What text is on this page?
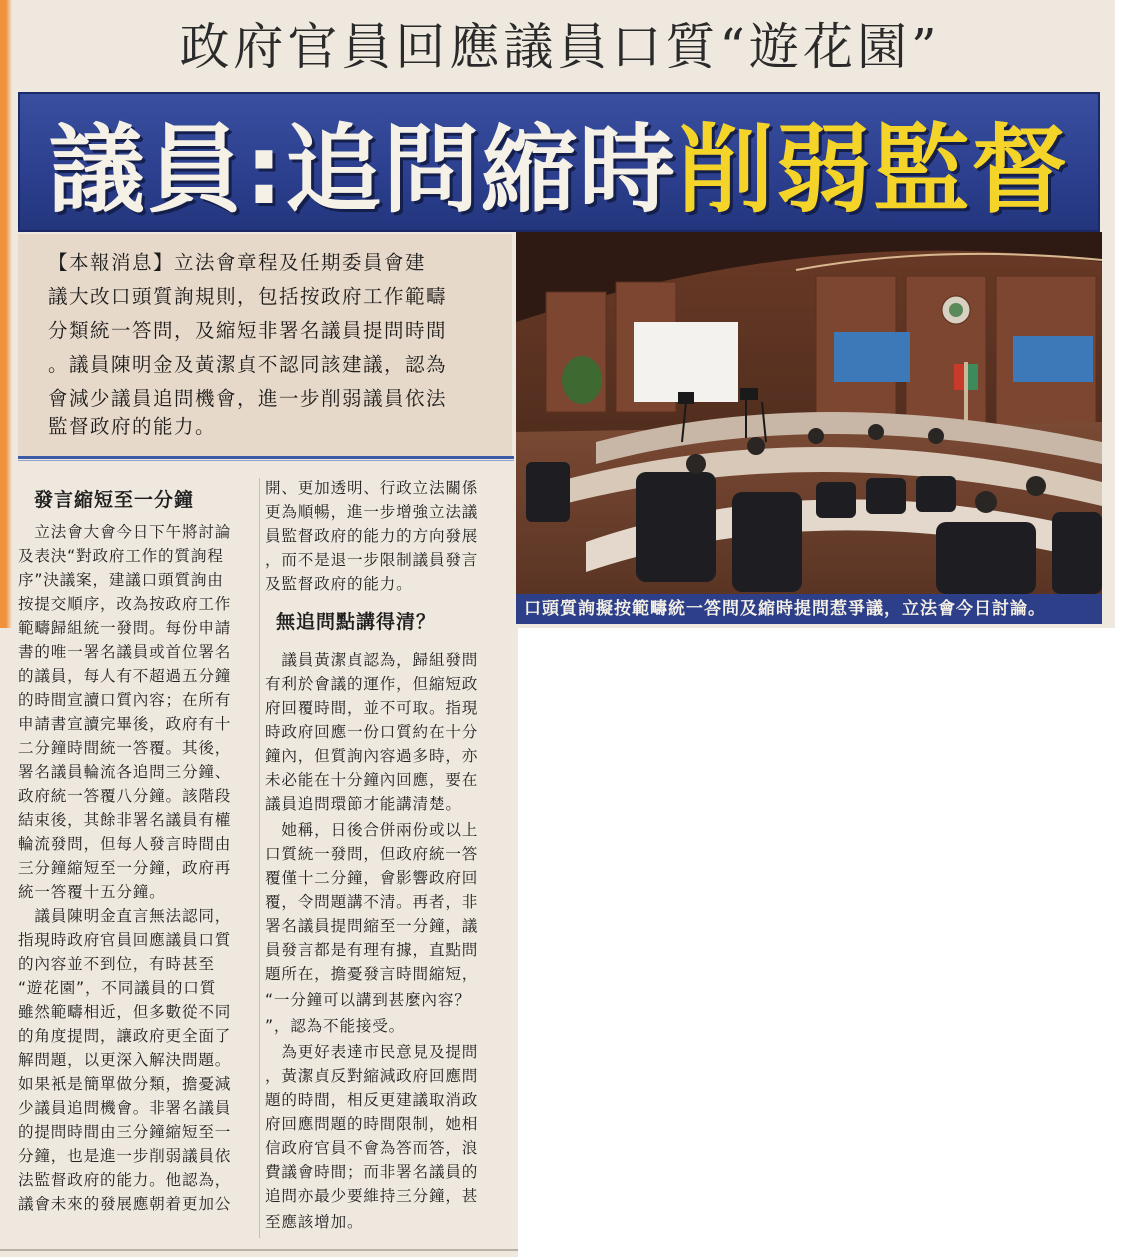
政府官員回應議員口質“遊花園”
議員:追問縮時 削弱監督
【本報消息】立法會章程及任期委員會建
議大改口頭質詢規則，包括按政府工作範疇
分類統一答問，及縮短非署名議員提問時間
。議員陳明金及黃潔貞不認同該建議，認為
會減少議員追問機會，進一步削弱議員依法
監督政府的能力。
口頭質詢擬按範疇統一答問及縮時提問惹爭議，立法會今日討論。
發言縮短至一分鐘
　立法會大會今日下午將討論
及表決“對政府工作的質詢程
序”決議案，建議口頭質詢由
按提交順序，改為按政府工作
範疇歸組統一發問。每份申請
書的唯一署名議員或首位署名
的議員，每人有不超過五分鐘
的時間宣讀口質內容；在所有
申請書宣讀完畢後，政府有十
二分鐘時間統一答覆。其後，
署名議員輪流各追問三分鐘、
政府統一答覆八分鐘。該階段
結束後，其餘非署名議員有權
輪流發問，但每人發言時間由
三分鐘縮短至一分鐘，政府再
統一答覆十五分鐘。
　議員陳明金直言無法認同，
指現時政府官員回應議員口質
的內容並不到位，有時甚至
“遊花園”，不同議員的口質
雖然範疇相近，但多數從不同
的角度提問，讓政府更全面了
解問題，以更深入解決問題。
如果衹是簡單做分類，擔憂減
少議員追問機會。非署名議員
的提問時間由三分鐘縮短至一
分鐘，也是進一步削弱議員依
法監督政府的能力。他認為，
議會未來的發展應朝着更加公
開、更加透明、行政立法關係
更為順暢，進一步增強立法議
員監督政府的能力的方向發展
，而不是退一步限制議員發言
及監督政府的能力。
無追問點講得清？
　議員黃潔貞認為，歸組發問
有利於會議的運作，但縮短政
府回覆時間，並不可取。指現
時政府回應一份口質約在十分
鐘內，但質詢內容過多時，亦
未必能在十分鐘內回應，要在
議員追問環節才能講清楚。
　她稱，日後合併兩份或以上
口質統一發問，但政府統一答
覆僅十二分鐘，會影響政府回
覆，令問題講不清。再者，非
署名議員提問縮至一分鐘，議
員發言都是有理有據，直點問
題所在，擔憂發言時間縮短，
“一分鐘可以講到甚麼內容？
”，認為不能接受。
　為更好表達市民意見及提問
，黃潔貞反對縮減政府回應問
題的時間，相反更建議取消政
府回應問題的時間限制，她相
信政府官員不會為答而答，浪
費議會時間；而非署名議員的
追問亦最少要維持三分鐘，甚
至應該增加。
